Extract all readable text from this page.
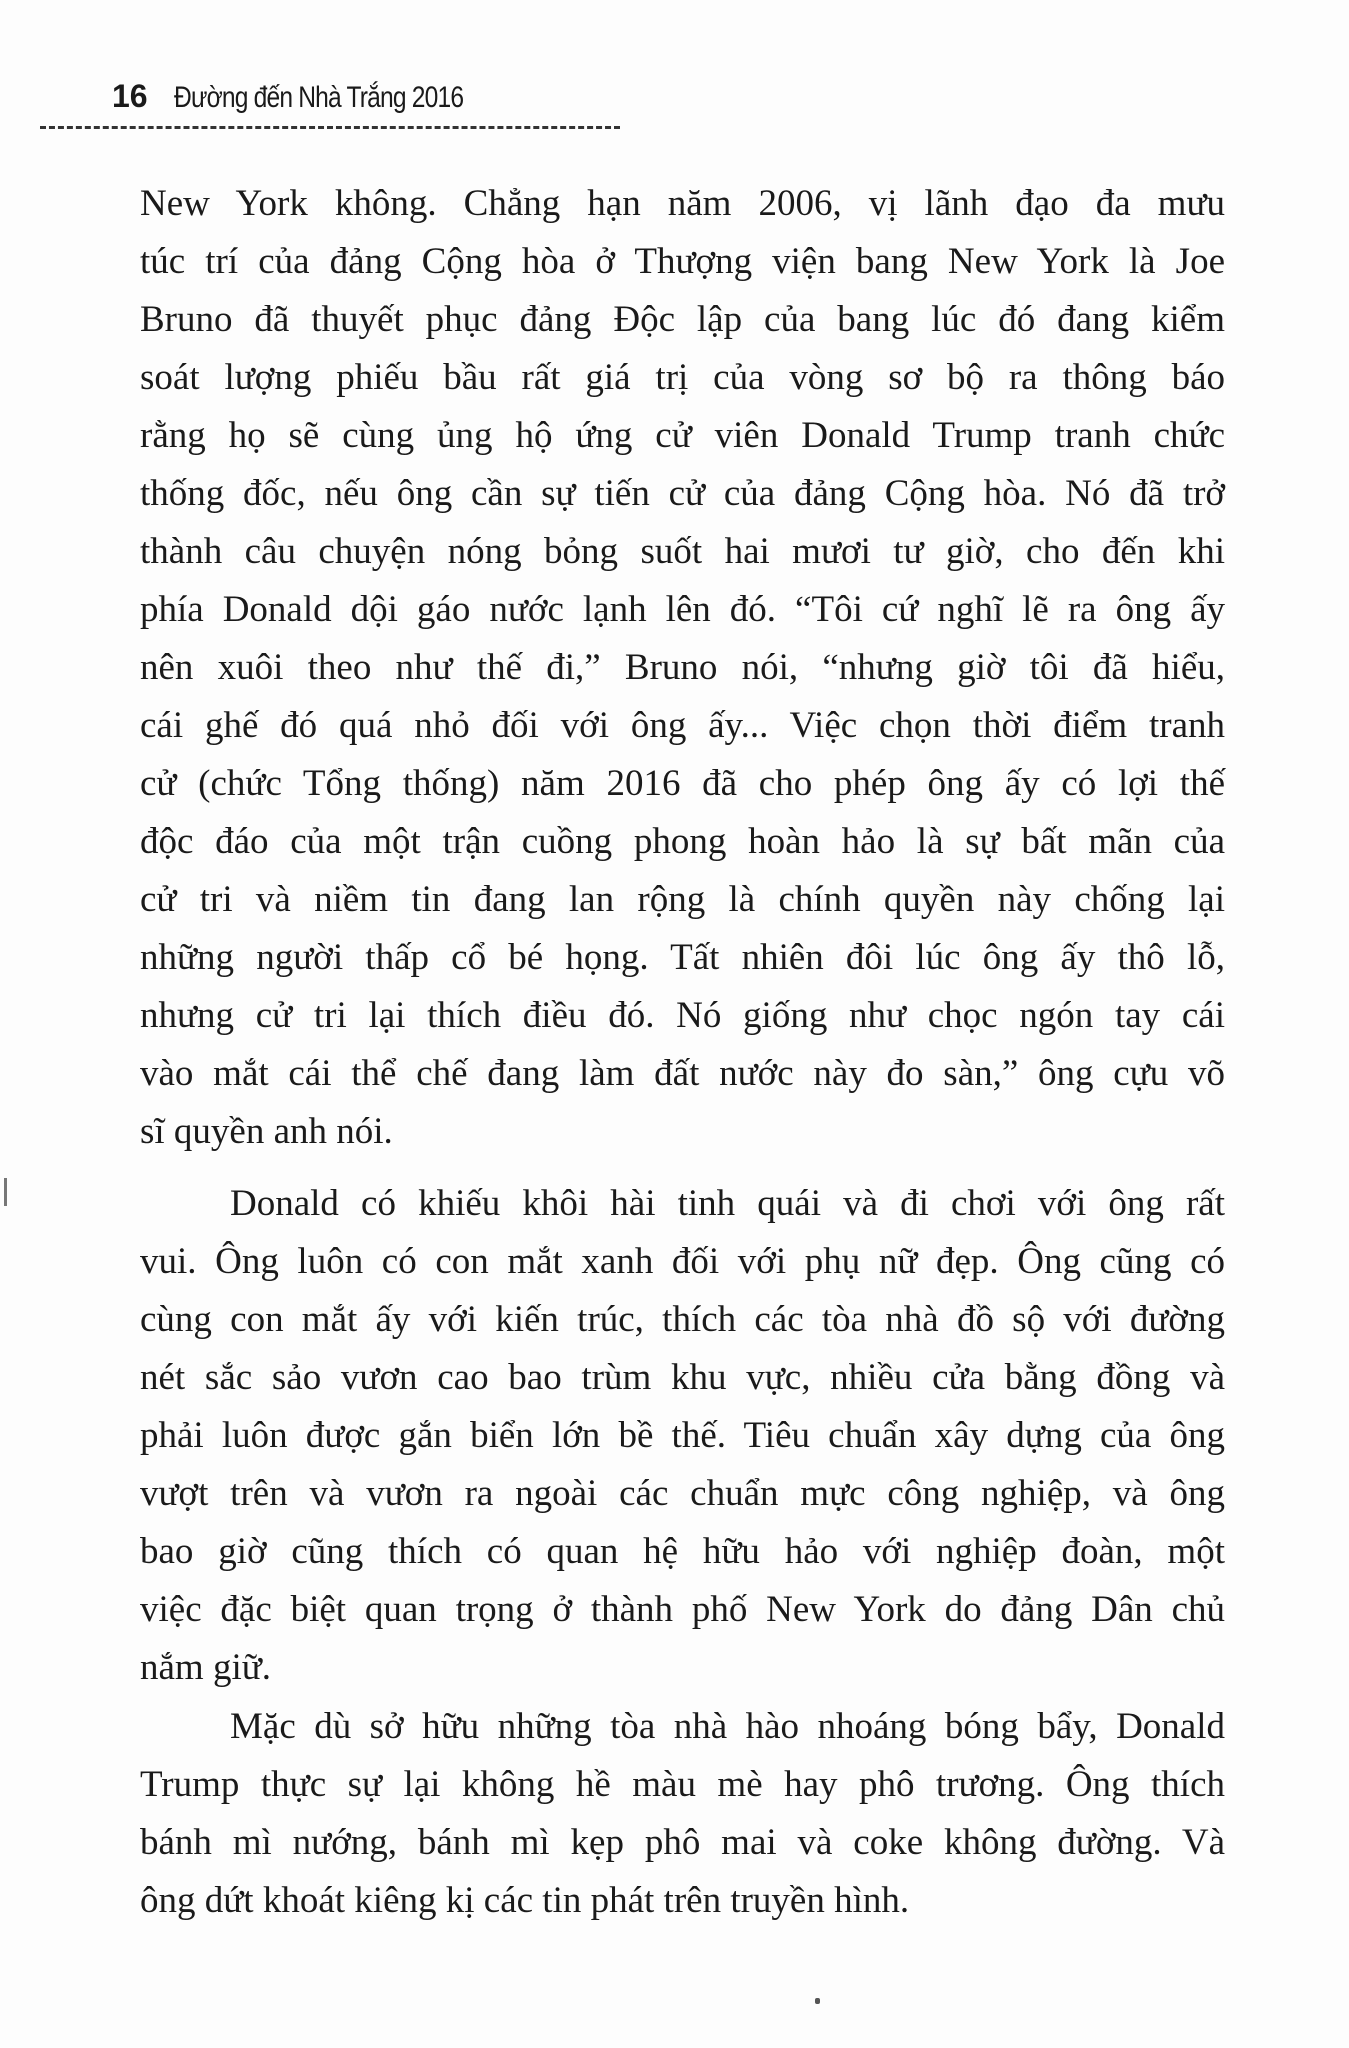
16 Đường đến Nhà Trắng 2016
New York không. Chẳng hạn năm 2006, vị lãnh đạo đa mưu
túc trí của đảng Cộng hòa ở Thượng viện bang New York là Joe
Bruno đã thuyết phục đảng Độc lập của bang lúc đó đang kiểm
soát lượng phiếu bầu rất giá trị của vòng sơ bộ ra thông báo
rằng họ sẽ cùng ủng hộ ứng cử viên Donald Trump tranh chức
thống đốc, nếu ông cần sự tiến cử của đảng Cộng hòa. Nó đã trở
thành câu chuyện nóng bỏng suốt hai mươi tư giờ, cho đến khi
phía Donald dội gáo nước lạnh lên đó. “Tôi cứ nghĩ lẽ ra ông ấy
nên xuôi theo như thế đi,” Bruno nói, “nhưng giờ tôi đã hiểu,
cái ghế đó quá nhỏ đối với ông ấy... Việc chọn thời điểm tranh
cử (chức Tổng thống) năm 2016 đã cho phép ông ấy có lợi thế
độc đáo của một trận cuồng phong hoàn hảo là sự bất mãn của
cử tri và niềm tin đang lan rộng là chính quyền này chống lại
những người thấp cổ bé họng. Tất nhiên đôi lúc ông ấy thô lỗ,
nhưng cử tri lại thích điều đó. Nó giống như chọc ngón tay cái
vào mắt cái thể chế đang làm đất nước này đo sàn,” ông cựu võ
sĩ quyền anh nói.
Donald có khiếu khôi hài tinh quái và đi chơi với ông rất
vui. Ông luôn có con mắt xanh đối với phụ nữ đẹp. Ông cũng có
cùng con mắt ấy với kiến trúc, thích các tòa nhà đồ sộ với đường
nét sắc sảo vươn cao bao trùm khu vực, nhiều cửa bằng đồng và
phải luôn được gắn biển lớn bề thế. Tiêu chuẩn xây dựng của ông
vượt trên và vươn ra ngoài các chuẩn mực công nghiệp, và ông
bao giờ cũng thích có quan hệ hữu hảo với nghiệp đoàn, một
việc đặc biệt quan trọng ở thành phố New York do đảng Dân chủ
nắm giữ.
Mặc dù sở hữu những tòa nhà hào nhoáng bóng bẩy, Donald
Trump thực sự lại không hề màu mè hay phô trương. Ông thích
bánh mì nướng, bánh mì kẹp phô mai và coke không đường. Và
ông dứt khoát kiêng kị các tin phát trên truyền hình.
